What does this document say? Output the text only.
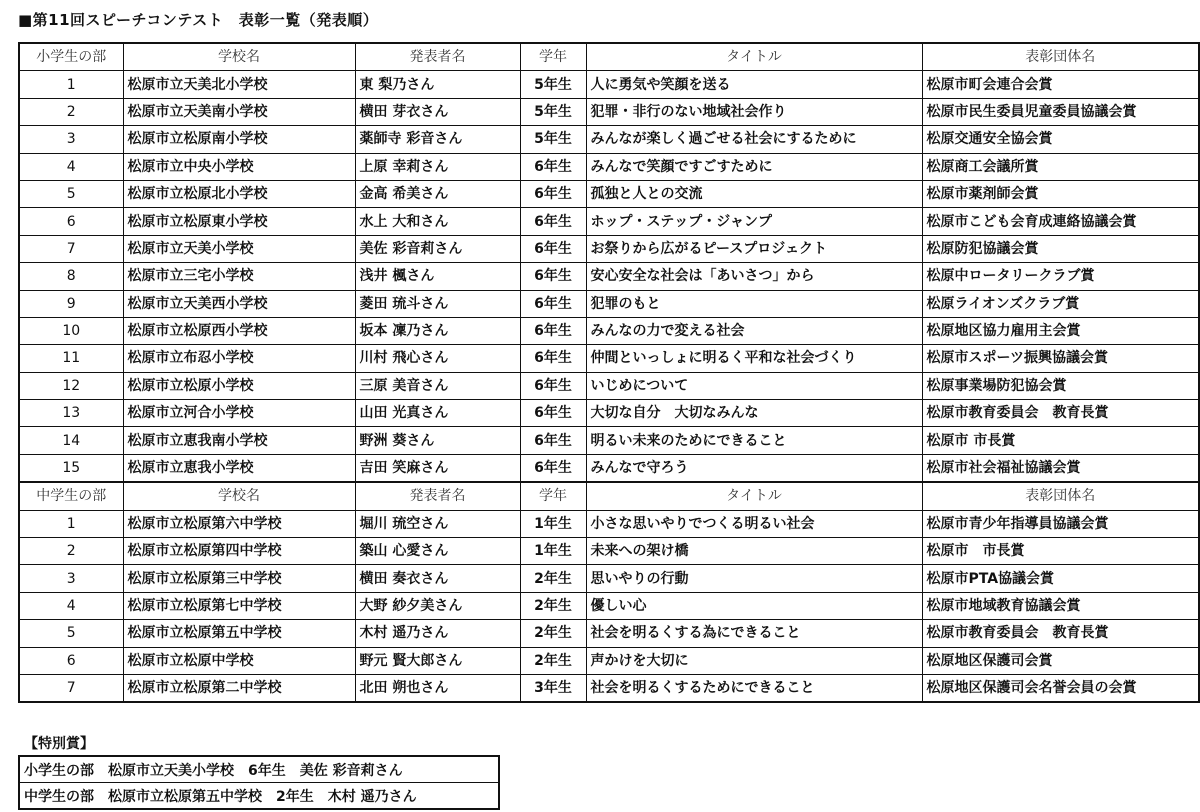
■第11回スピーチコンテスト　表彰一覧（発表順）
小学生の部	学校名	発表者名	学年	タイトル	表彰団体名
1	松原市立天美北小学校	東 梨乃さん	5年生	人に勇気や笑顔を送る	松原市町会連合会賞
2	松原市立天美南小学校	横田 芽衣さん	5年生	犯罪・非行のない地域社会作り	松原市民生委員児童委員協議会賞
3	松原市立松原南小学校	薬師寺 彩音さん	5年生	みんなが楽しく過ごせる社会にするために	松原交通安全協会賞
4	松原市立中央小学校	上原 幸莉さん	6年生	みんなで笑顔ですごすために	松原商工会議所賞
5	松原市立松原北小学校	金高 希美さん	6年生	孤独と人との交流	松原市薬剤師会賞
6	松原市立松原東小学校	水上 大和さん	6年生	ホップ・ステップ・ジャンプ	松原市こども会育成連絡協議会賞
7	松原市立天美小学校	美佐 彩音莉さん	6年生	お祭りから広がるピースプロジェクト	松原防犯協議会賞
8	松原市立三宅小学校	浅井 楓さん	6年生	安心安全な社会は「あいさつ」から	松原中ロータリークラブ賞
9	松原市立天美西小学校	菱田 琉斗さん	6年生	犯罪のもと	松原ライオンズクラブ賞
10	松原市立松原西小学校	坂本 凜乃さん	6年生	みんなの力で変える社会	松原地区協力雇用主会賞
11	松原市立布忍小学校	川村 飛心さん	6年生	仲間といっしょに明るく平和な社会づくり	松原市スポーツ振興協議会賞
12	松原市立松原小学校	三原 美音さん	6年生	いじめについて	松原事業場防犯協会賞
13	松原市立河合小学校	山田 光真さん	6年生	大切な自分　大切なみんな	松原市教育委員会　教育長賞
14	松原市立恵我南小学校	野洲 葵さん	6年生	明るい未来のためにできること	松原市 市長賞
15	松原市立恵我小学校	吉田 笑麻さん	6年生	みんなで守ろう	松原市社会福祉協議会賞
中学生の部	学校名	発表者名	学年	タイトル	表彰団体名
1	松原市立松原第六中学校	堀川 琉空さん	1年生	小さな思いやりでつくる明るい社会	松原市青少年指導員協議会賞
2	松原市立松原第四中学校	築山 心愛さん	1年生	未来への架け橋	松原市　市長賞
3	松原市立松原第三中学校	横田 奏衣さん	2年生	思いやりの行動	松原市PTA協議会賞
4	松原市立松原第七中学校	大野 紗夕美さん	2年生	優しい心	松原市地域教育協議会賞
5	松原市立松原第五中学校	木村 遥乃さん	2年生	社会を明るくする為にできること	松原市教育委員会　教育長賞
6	松原市立松原中学校	野元 賢大郎さん	2年生	声かけを大切に	松原地区保護司会賞
7	松原市立松原第二中学校	北田 朔也さん	3年生	社会を明るくするためにできること	松原地区保護司会名誉会員の会賞
【特別賞】
小学生の部　松原市立天美小学校　6年生　美佐 彩音莉さん
中学生の部　松原市立松原第五中学校　2年生　木村 遥乃さん
